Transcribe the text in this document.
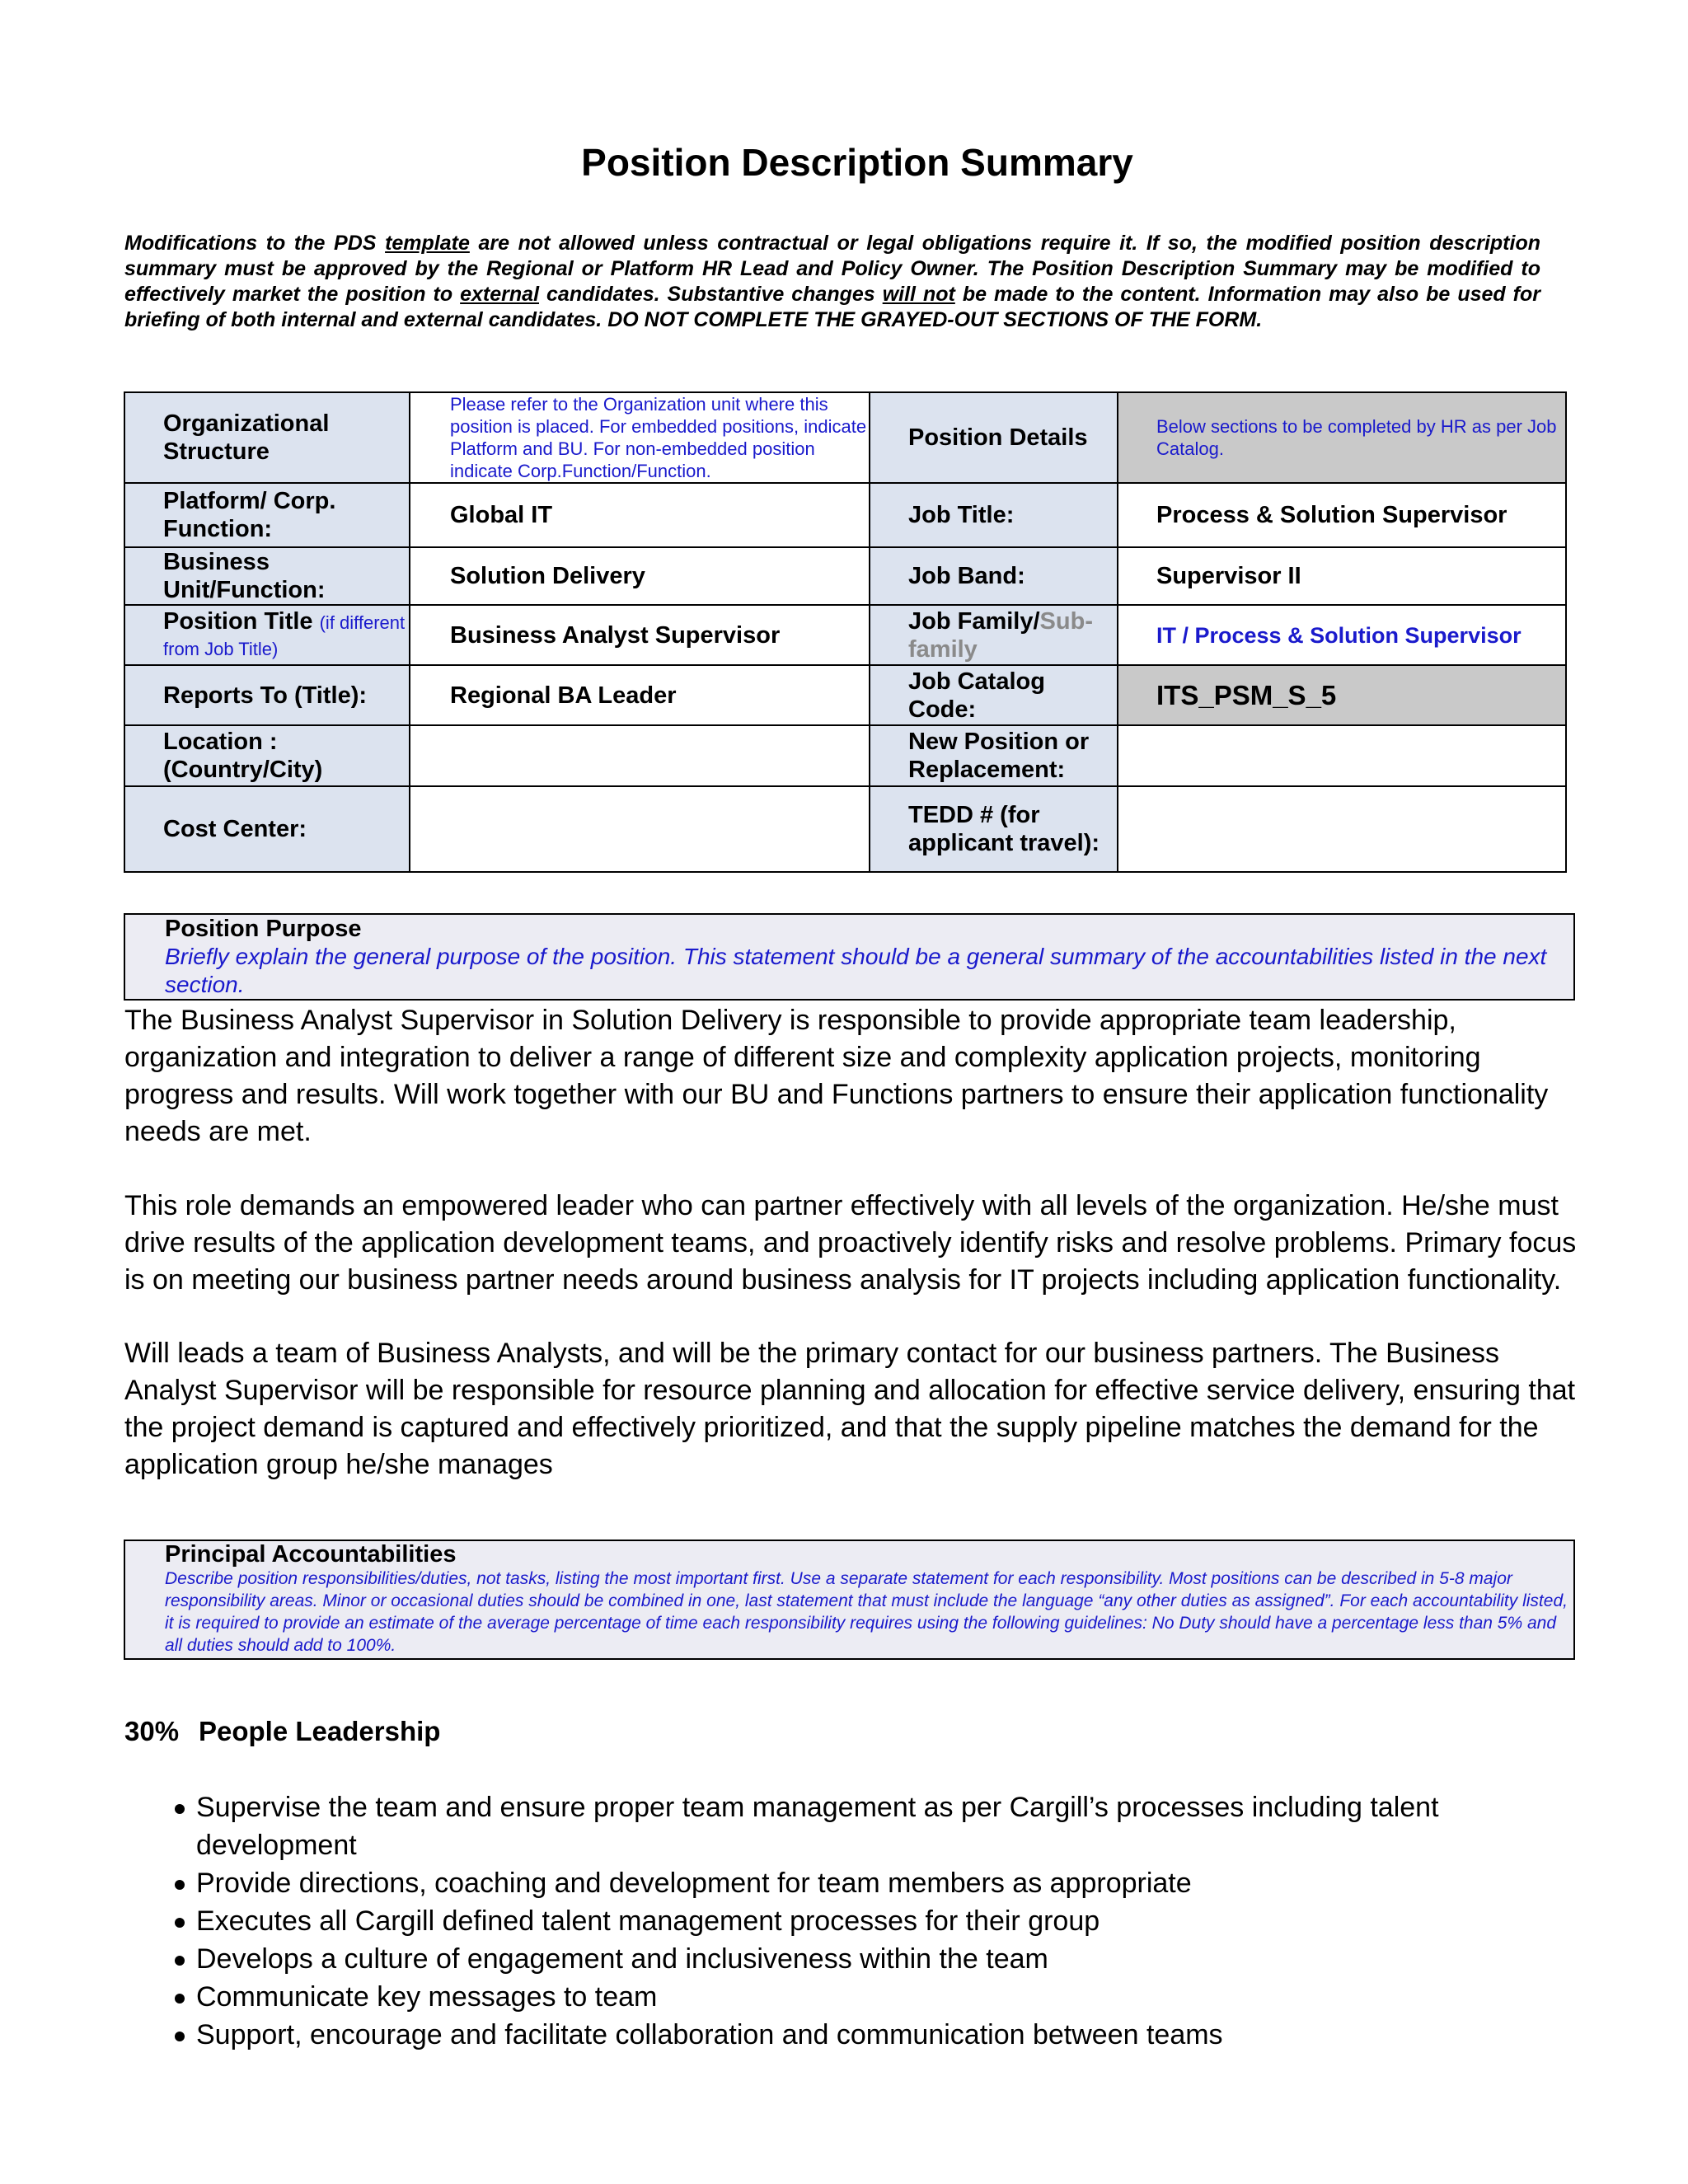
Position Description Summary
Modifications to the PDS template are not allowed unless contractual or legal obligations require it. If so, the modified position description summary must be approved by the Regional or Platform HR Lead and Policy Owner. The Position Description Summary may be modified to effectively market the position to external candidates. Substantive changes will not be made to the content. Information may also be used for briefing of both internal and external candidates. DO NOT COMPLETE THE GRAYED-OUT SECTIONS OF THE FORM.
Organizational Structure	Please refer to the Organization unit where this position is placed. For embedded positions, indicate Platform and BU. For non-embedded position indicate Corp.Function/Function.	Position Details	Below sections to be completed by HR as per Job Catalog.

Platform/ Corp. Function:	Global IT	Job Title:	Process & Solution Supervisor
Business Unit/Function:	Solution Delivery	Job Band:	Supervisor II
Position Title (if different from Job Title)	Business Analyst Supervisor	Job Family/Sub-family	IT / Process & Solution Supervisor
Reports To (Title):	Regional BA Leader	Job Catalog Code:	ITS_PSM_S_5
Location : (Country/City)		New Position or Replacement:	
Cost Center:		TEDD # (for applicant travel):	
Position Purpose
Briefly explain the general purpose of the position. This statement should be a general summary of the accountabilities listed in the next section.

The Business Analyst Supervisor in Solution Delivery is responsible to provide appropriate team leadership, organization and integration to deliver a range of different size and complexity application projects, monitoring progress and results. Will work together with our BU and Functions partners to ensure their application functionality needs are met.

This role demands an empowered leader who can partner effectively with all levels of the organization. He/she must drive results of the application development teams, and proactively identify risks and resolve problems. Primary focus is on meeting our business partner needs around business analysis for IT projects including application functionality.

Will leads a team of Business Analysts, and will be the primary contact for our business partners. The Business Analyst Supervisor will be responsible for resource planning and allocation for effective service delivery, ensuring that the project demand is captured and effectively prioritized, and that the supply pipeline matches the demand for the application group he/she manages

Principal Accountabilities
Describe position responsibilities/duties, not tasks, listing the most important first. Use a separate statement for each responsibility. Most positions can be described in 5-8 major responsibility areas. Minor or occasional duties should be combined in one, last statement that must include the language “any other duties as assigned”. For each accountability listed, it is required to provide an estimate of the average percentage of time each responsibility requires using the following guidelines: No Duty should have a percentage less than 5% and all duties should add to 100%.
30% People Leadership
Supervise the team and ensure proper team management as per Cargill’s processes including talent development
Provide directions, coaching and development for team members as appropriate
Executes all Cargill defined talent management processes for their group
Develops a culture of engagement and inclusiveness within the team
Communicate key messages to team
Support, encourage and facilitate collaboration and communication between teams
